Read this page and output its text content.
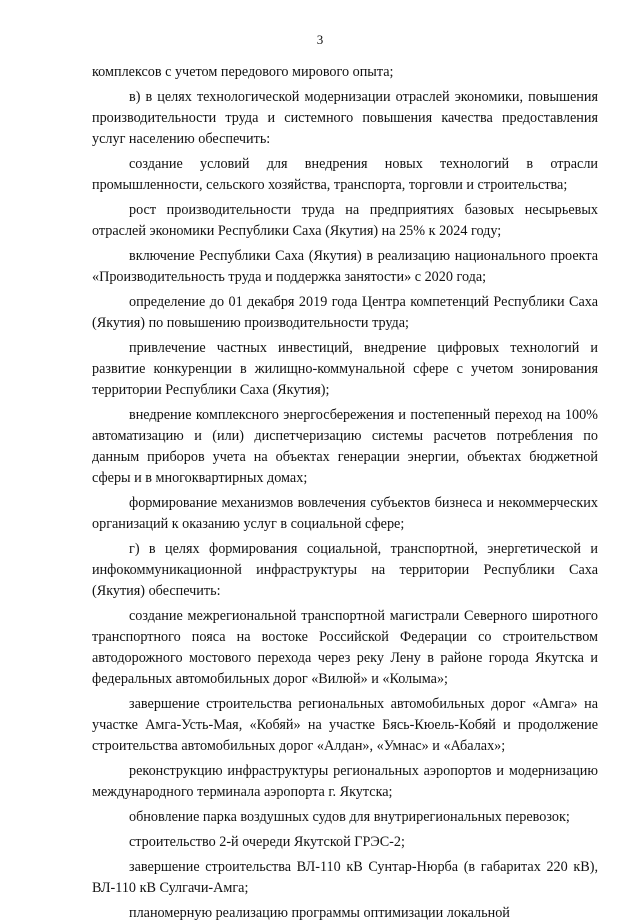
3

комплексов с учетом передового мирового опыта;

в) в целях технологической модернизации отраслей экономики, повышения производительности труда и системного повышения качества предоставления услуг населению обеспечить:

создание условий для внедрения новых технологий в отрасли промышленности, сельского хозяйства, транспорта, торговли и строительства;

рост производительности труда на предприятиях базовых несырьевых отраслей экономики Республики Саха (Якутия) на 25% к 2024 году;

включение Республики Саха (Якутия) в реализацию национального проекта «Производительность труда и поддержка занятости» с 2020 года;

определение до 01 декабря 2019 года Центра компетенций Республики Саха (Якутия) по повышению производительности труда;

привлечение частных инвестиций, внедрение цифровых технологий и развитие конкуренции в жилищно-коммунальной сфере с учетом зонирования территории Республики Саха (Якутия);

внедрение комплексного энергосбережения и постепенный переход на 100% автоматизацию и (или) диспетчеризацию системы расчетов потребления по данным приборов учета на объектах генерации энергии, объектах бюджетной сферы и в многоквартирных домах;

формирование механизмов вовлечения субъектов бизнеса и некоммерческих организаций к оказанию услуг в социальной сфере;

г) в целях формирования социальной, транспортной, энергетической и инфокоммуникационной инфраструктуры на территории Республики Саха (Якутия) обеспечить:

создание межрегиональной транспортной магистрали Северного широтного транспортного пояса на востоке Российской Федерации со строительством автодорожного мостового перехода через реку Лену в районе города Якутска и федеральных автомобильных дорог «Вилюй» и «Колыма»;

завершение строительства региональных автомобильных дорог «Амга» на участке Амга-Усть-Мая, «Кобяй» на участке Бясь-Кюель-Кобяй и продолжение строительства автомобильных дорог «Алдан», «Умнас» и «Абалах»;

реконструкцию инфраструктуры региональных аэропортов и модернизацию международного терминала аэропорта г. Якутска;

обновление парка воздушных судов для внутрирегиональных перевозок;

строительство 2-й очереди Якутской ГРЭС-2;

завершение строительства ВЛ-110 кВ Сунтар-Нюрба (в габаритах 220 кВ), ВЛ-110 кВ Сулгачи-Амга;

планомерную реализацию программы оптимизации локальной
